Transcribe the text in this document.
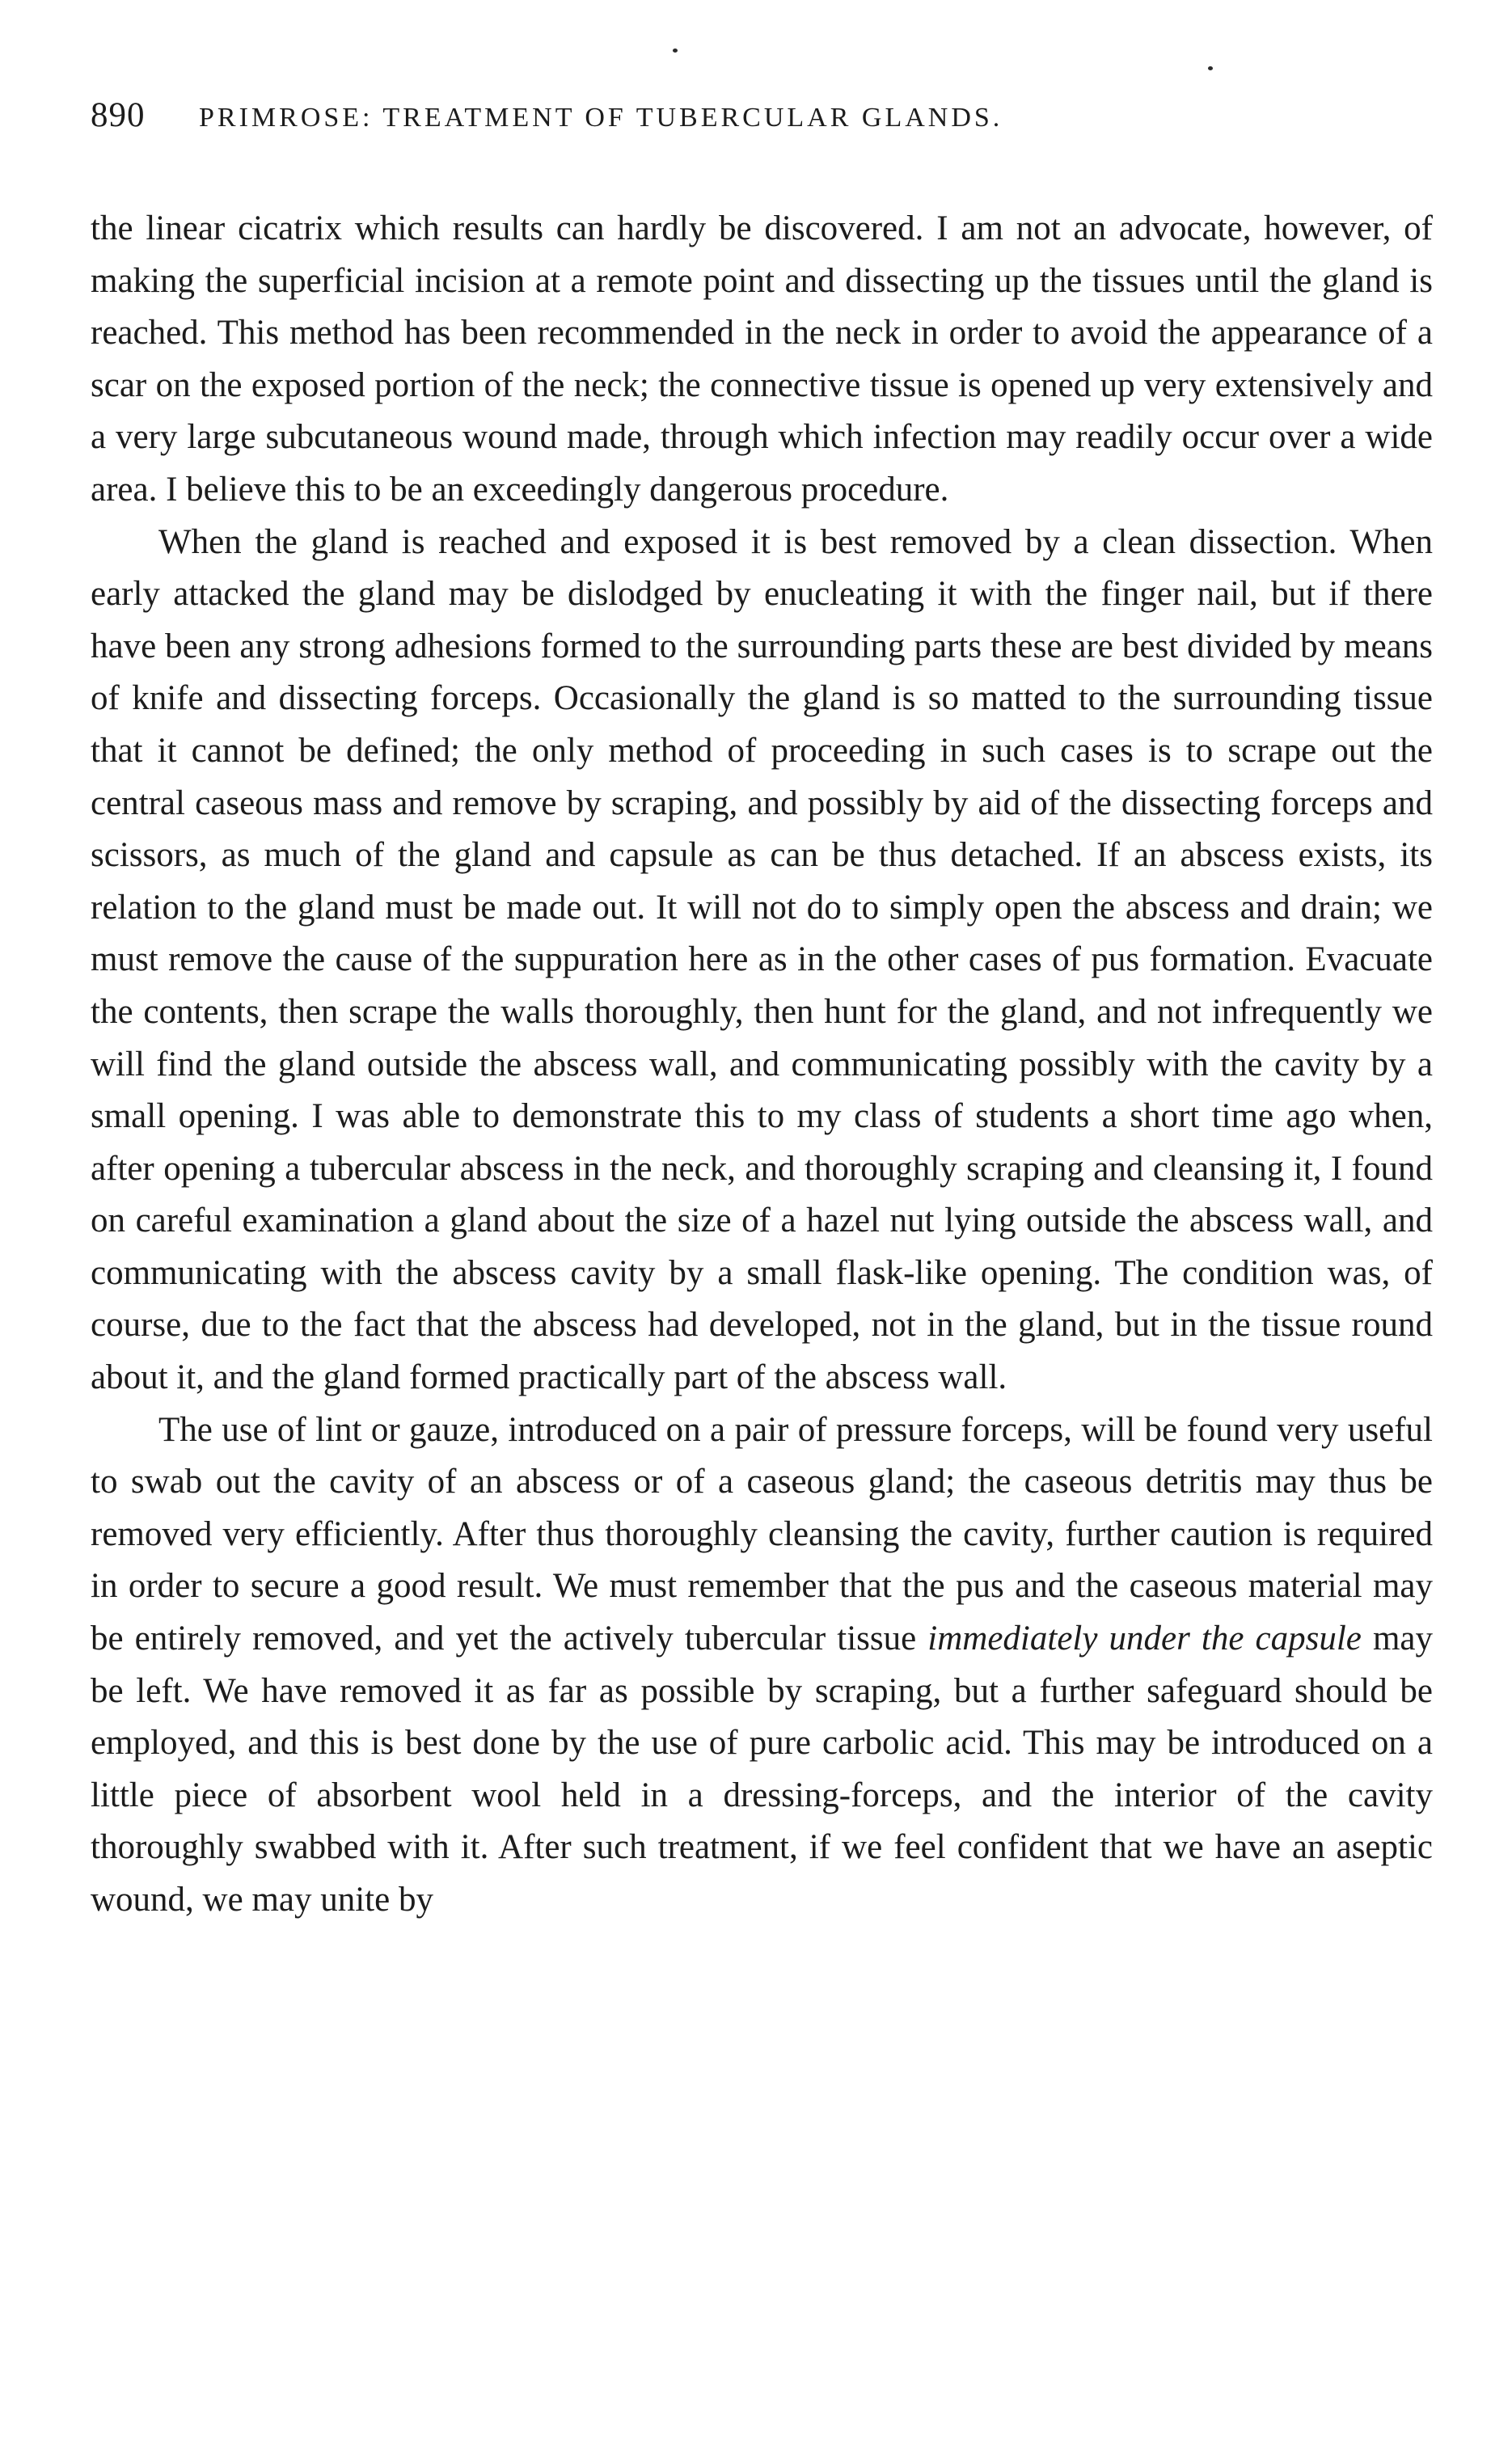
890 PRIMROSE: TREATMENT OF TUBERCULAR GLANDS.

the linear cicatrix which results can hardly be discovered. I am not an advocate, however, of making the superficial incision at a remote point and dissecting up the tissues until the gland is reached. This method has been recommended in the neck in order to avoid the appearance of a scar on the exposed portion of the neck; the connective tissue is opened up very extensively and a very large subcutaneous wound made, through which infection may readily occur over a wide area. I believe this to be an exceedingly dangerous procedure.

When the gland is reached and exposed it is best removed by a clean dissection. When early attacked the gland may be dislodged by enucleating it with the finger nail, but if there have been any strong adhesions formed to the surrounding parts these are best divided by means of knife and dissecting forceps. Occasionally the gland is so matted to the surrounding tissue that it cannot be defined; the only method of proceeding in such cases is to scrape out the central caseous mass and remove by scraping, and possibly by aid of the dissecting forceps and scissors, as much of the gland and capsule as can be thus detached. If an abscess exists, its relation to the gland must be made out. It will not do to simply open the abscess and drain; we must remove the cause of the suppuration here as in the other cases of pus formation. Evacuate the contents, then scrape the walls thoroughly, then hunt for the gland, and not infrequently we will find the gland outside the abscess wall, and communicating possibly with the cavity by a small opening. I was able to demonstrate this to my class of students a short time ago when, after opening a tubercular abscess in the neck, and thoroughly scraping and cleansing it, I found on careful examination a gland about the size of a hazel nut lying outside the abscess wall, and communicating with the abscess cavity by a small flask-like opening. The condition was, of course, due to the fact that the abscess had developed, not in the gland, but in the tissue round about it, and the gland formed practically part of the abscess wall.

The use of lint or gauze, introduced on a pair of pressure forceps, will be found very useful to swab out the cavity of an abscess or of a caseous gland; the caseous detritis may thus be removed very efficiently. After thus thoroughly cleansing the cavity, further caution is required in order to secure a good result. We must remember that the pus and the caseous material may be entirely removed, and yet the actively tubercular tissue immediately under the capsule may be left. We have removed it as far as possible by scraping, but a further safeguard should be employed, and this is best done by the use of pure carbolic acid. This may be introduced on a little piece of absorbent wool held in a dressing-forceps, and the interior of the cavity thoroughly swabbed with it. After such treatment, if we feel confident that we have an aseptic wound, we may unite by
